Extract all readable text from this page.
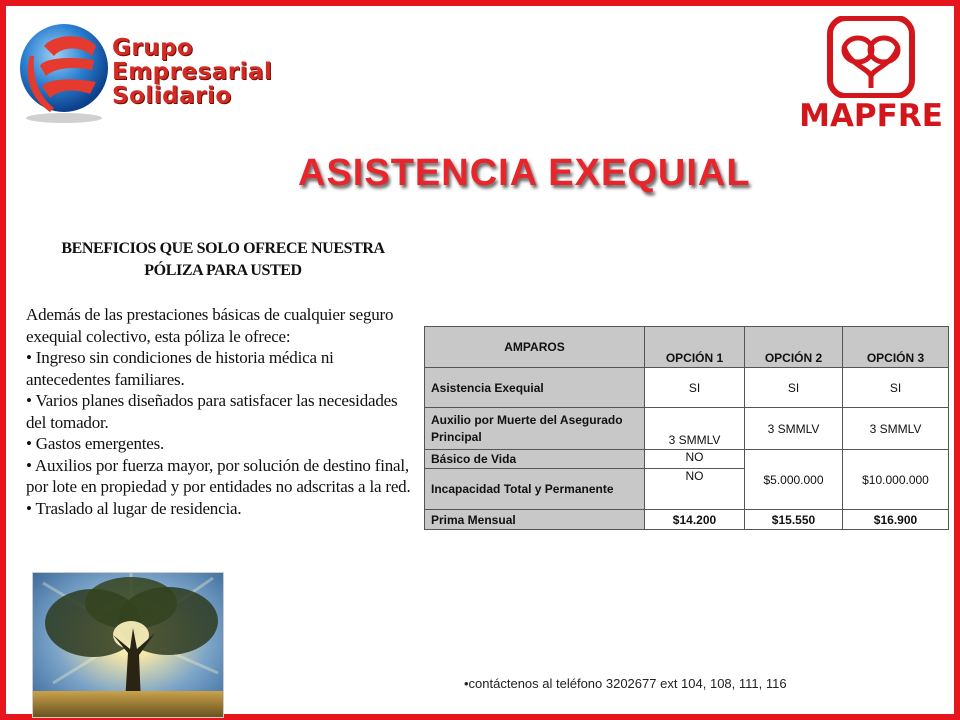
Grupo
Empresarial
Solidario
MAPFRE
ASISTENCIA EXEQUIAL
BENEFICIOS QUE SOLO OFRECE NUESTRA
PÓLIZA PARA USTED

Además de las prestaciones básicas de cualquier seguro exequial colectivo, esta póliza le ofrece:

• Ingreso sin condiciones de historia médica ni antecedentes familiares.

• Varios planes diseñados para satisfacer las necesidades del tomador.

• Gastos emergentes.

• Auxilios por fuerza mayor, por solución de destino final, por lote en propiedad y por entidades no adscritas a la red.

• Traslado al lugar de residencia.

AMPAROS	OPCIÓN 1	OPCIÓN 2	OPCIÓN 3
Asistencia Exequial	SI	SI	SI
Auxilio por Muerte del Asegurado Principal	3 SMMLV	3 SMMLV	3 SMMLV
Básico de Vida	NO	$5.000.000	$10.000.000
Incapacidad Total y Permanente	NO		
Prima Mensual	$14.200	$15.550	$16.900
•contáctenos al teléfono 3202677 ext 104, 108, 111, 116
